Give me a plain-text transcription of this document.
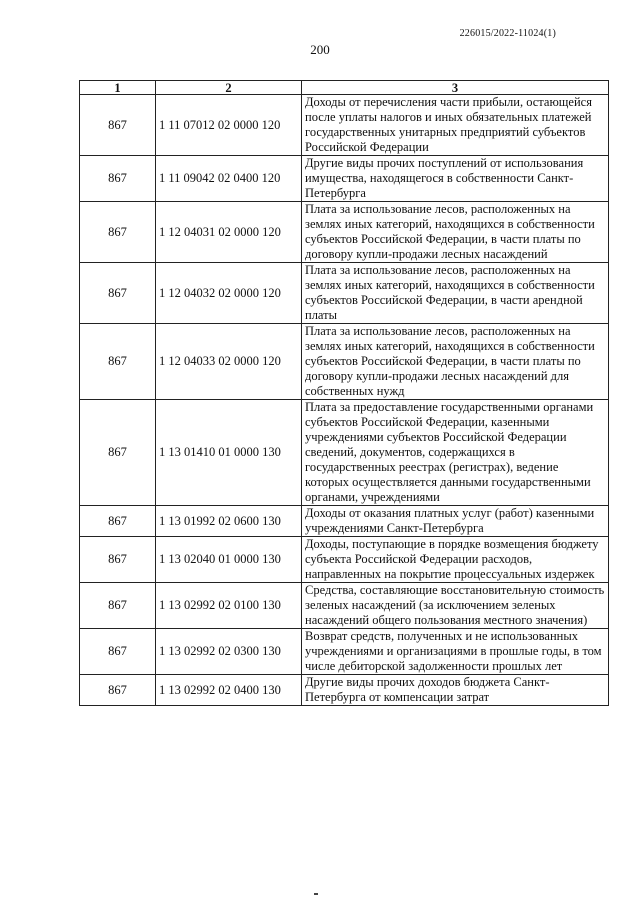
226015/2022-11024(1)
200
1	2	3
867	1 11 07012 02 0000 120	Доходы от перечисления части прибыли, остающейся после уплаты налогов и иных обязательных платежей государственных унитарных предприятий субъектов Российской Федерации
867	1 11 09042 02 0400 120	Другие виды прочих поступлений от использования имущества, находящегося в собственности Санкт-Петербурга
867	1 12 04031 02 0000 120	Плата за использование лесов, расположенных на землях иных категорий, находящихся в собственности субъектов Российской Федерации, в части платы по договору купли-продажи лесных насаждений
867	1 12 04032 02 0000 120	Плата за использование лесов, расположенных на землях иных категорий, находящихся в собственности субъектов Российской Федерации, в части арендной платы
867	1 12 04033 02 0000 120	Плата за использование лесов, расположенных на землях иных категорий, находящихся в собственности субъектов Российской Федерации, в части платы по договору купли-продажи лесных насаждений для собственных нужд
867	1 13 01410 01 0000 130	Плата за предоставление государственными органами субъектов Российской Федерации, казенными учреждениями субъектов Российской Федерации сведений, документов, содержащихся в государственных реестрах (регистрах), ведение которых осуществляется данными государственными органами, учреждениями
867	1 13 01992 02 0600 130	Доходы от оказания платных услуг (работ) казенными учреждениями Санкт-Петербурга
867	1 13 02040 01 0000 130	Доходы, поступающие в порядке возмещения бюджету субъекта Российской Федерации расходов, направленных на покрытие процессуальных издержек
867	1 13 02992 02 0100 130	Средства, составляющие восстановительную стоимость зеленых насаждений (за исключением зеленых насаждений общего пользования местного значения)
867	1 13 02992 02 0300 130	Возврат средств, полученных и не использованных учреждениями и организациями в прошлые годы, в том числе дебиторской задолженности прошлых лет
867	1 13 02992 02 0400 130	Другие виды прочих доходов бюджета Санкт-Петербурга от компенсации затрат
